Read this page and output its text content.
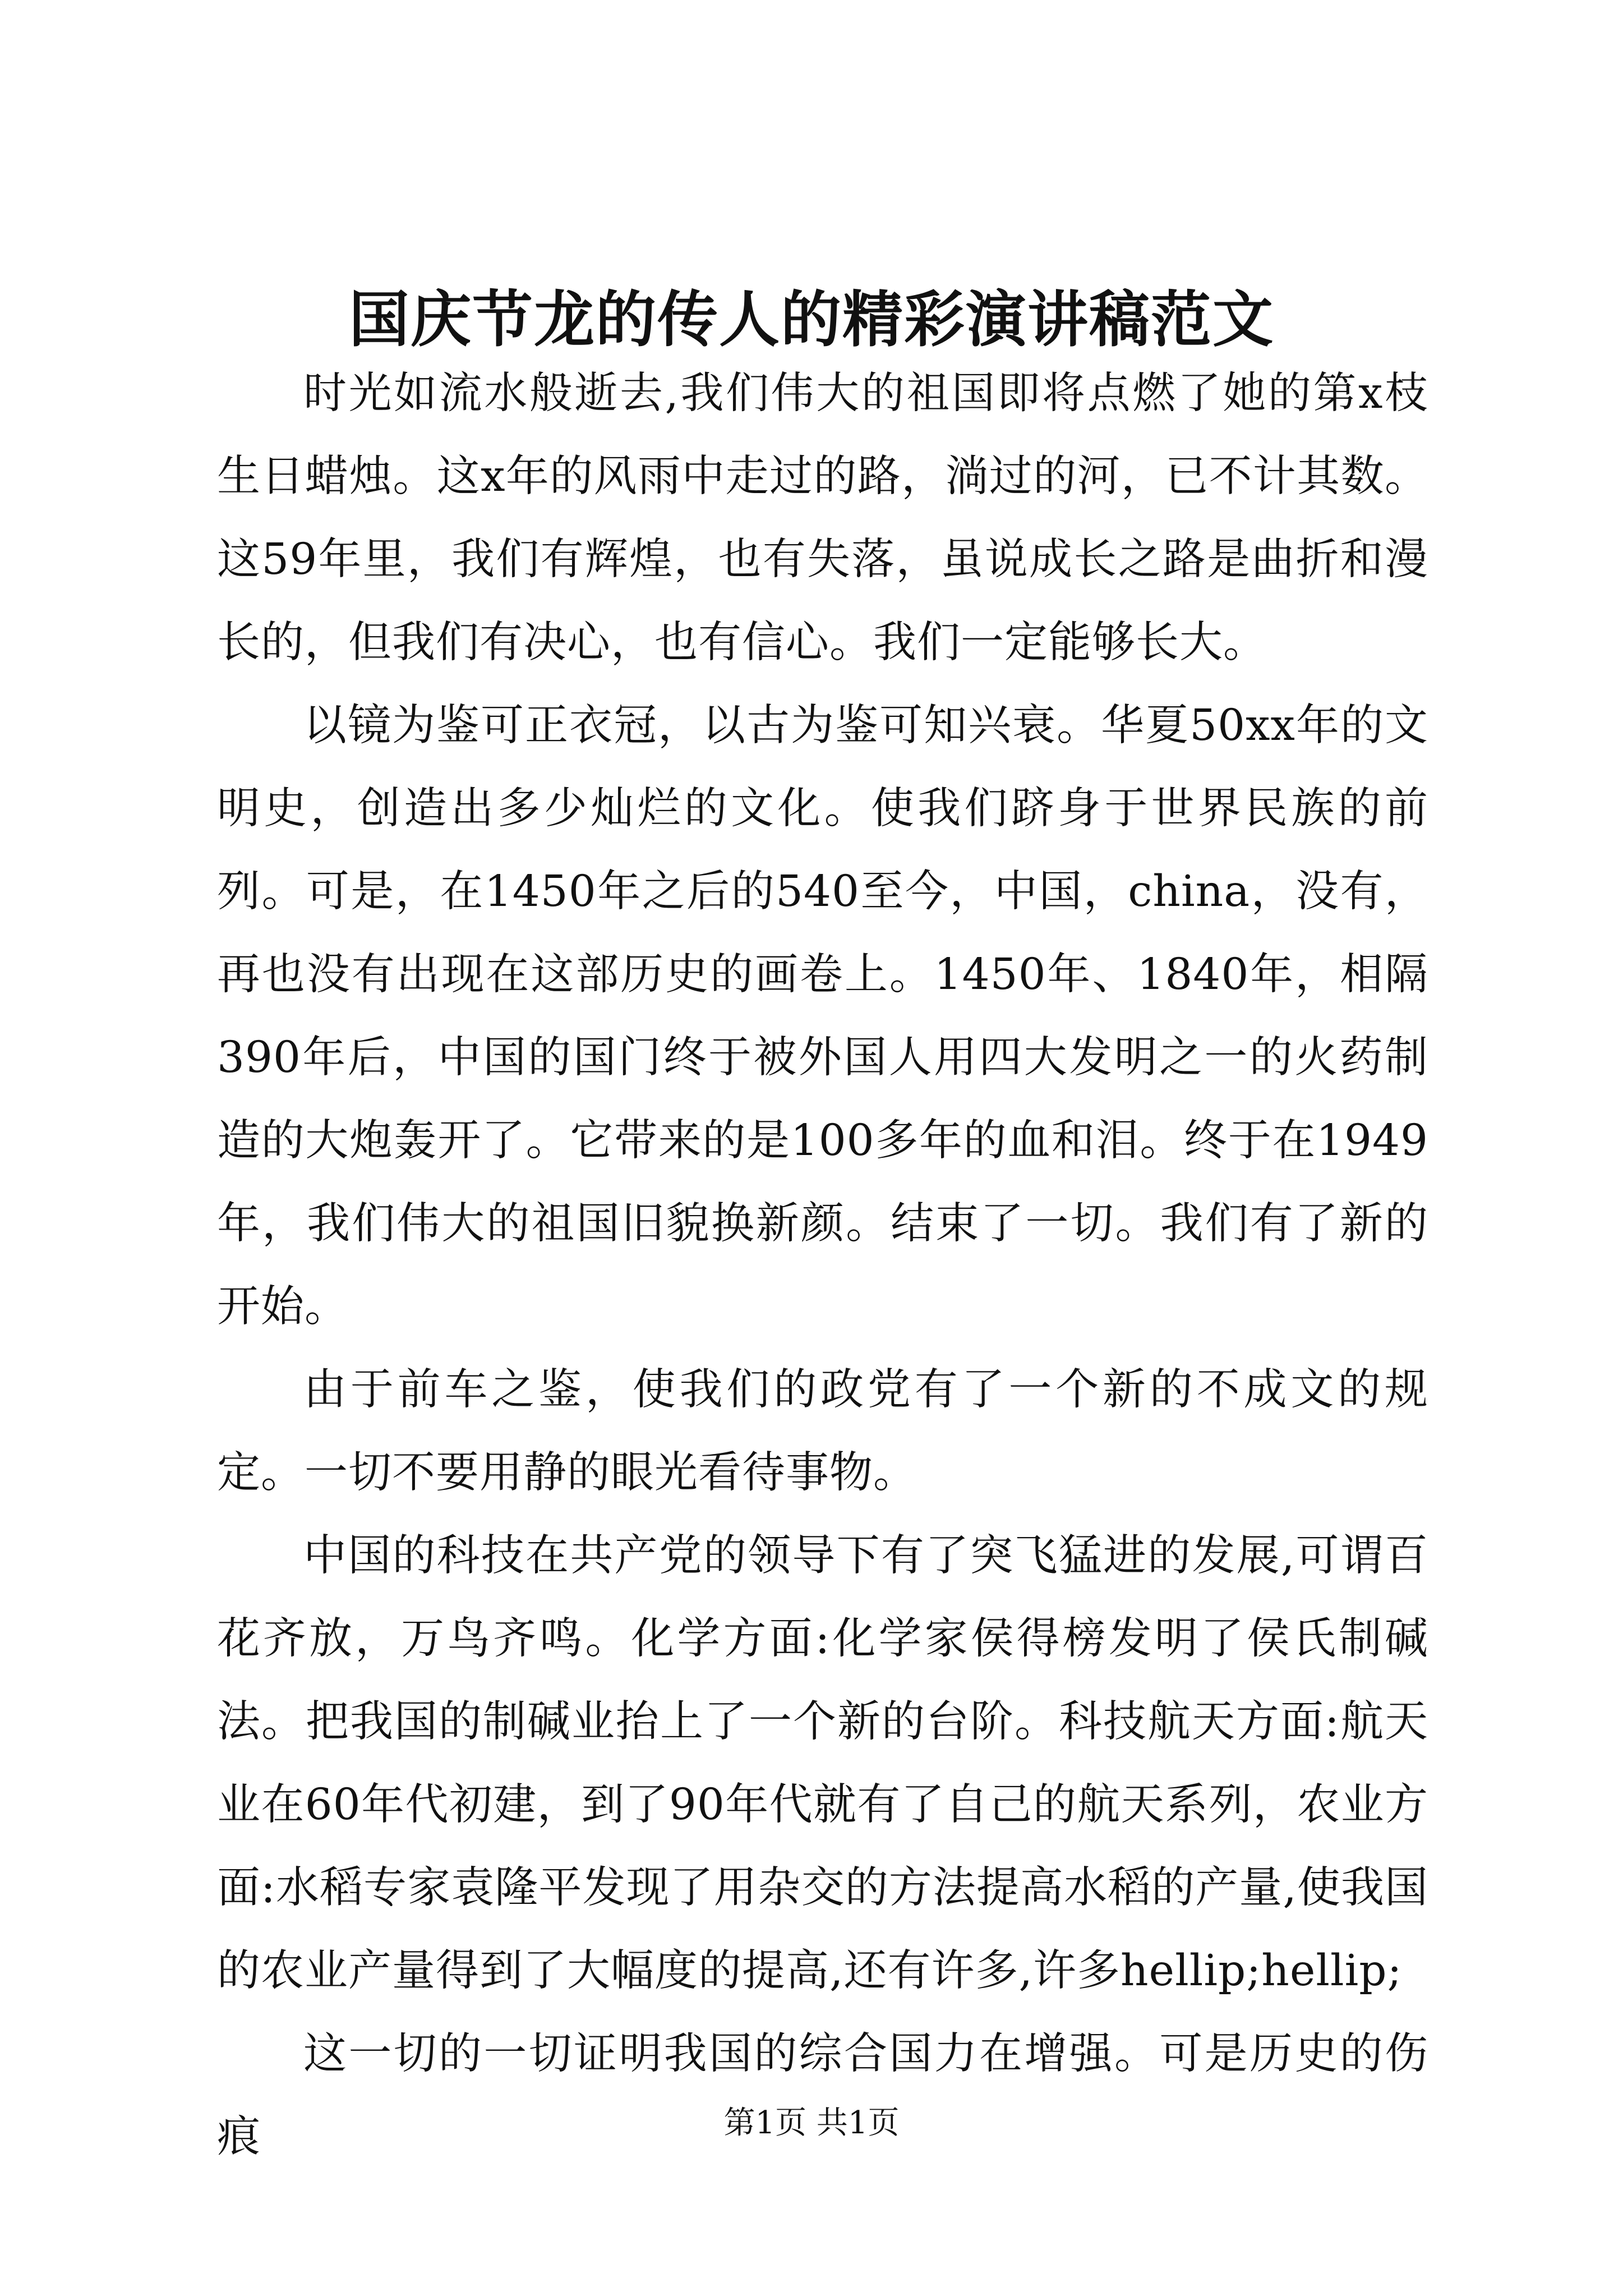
国庆节龙的传人的精彩演讲稿范文

时光如流水般逝去,我们伟大的祖国即将点燃了她的第x枝生日蜡烛。这x年的风雨中走过的路，淌过的河，已不计其数。这59年里，我们有辉煌，也有失落，虽说成长之路是曲折和漫长的，但我们有决心，也有信心。我们一定能够长大。

以镜为鉴可正衣冠，以古为鉴可知兴衰。华夏50xx年的文明史，创造出多少灿烂的文化。使我们跻身于世界民族的前列。可是，在1450年之后的540至今，中国，china，没有，再也没有出现在这部历史的画卷上。1450年、1840年，相隔390年后，中国的国门终于被外国人用四大发明之一的火药制造的大炮轰开了。它带来的是100多年的血和泪。终于在1949年，我们伟大的祖国旧貌换新颜。结束了一切。我们有了新的开始。

由于前车之鉴，使我们的政党有了一个新的不成文的规定。一切不要用静的眼光看待事物。

中国的科技在共产党的领导下有了突飞猛进的发展,可谓百花齐放，万鸟齐鸣。化学方面:化学家侯得榜发明了侯氏制碱法。把我国的制碱业抬上了一个新的台阶。科技航天方面:航天业在60年代初建，到了90年代就有了自己的航天系列，农业方面:水稻专家袁隆平发现了用杂交的方法提高水稻的产量,使我国的农业产量得到了大幅度的提高,还有许多,许多hellip;hellip;

这一切的一切证明我国的综合国力在增强。可是历史的伤痕	第1页 共1页
